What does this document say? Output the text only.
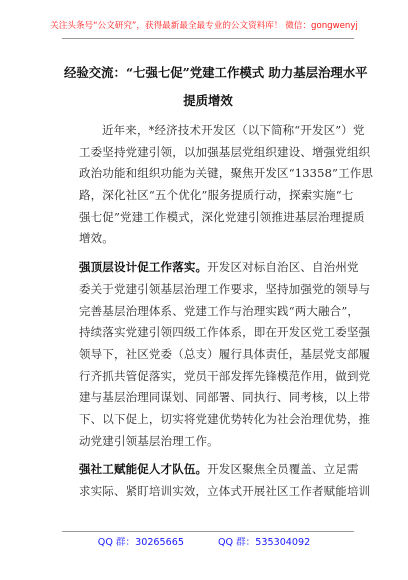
关注头条号“公文研究”，获得最新最全最专业的公文资料库！ 微信：gongwenyj
经验交流：“七强七促”党建工作模式 助力基层治理水平
提质增效
近年来，*经济技术开发区（以下简称“开发区”）党
工委坚持党建引领，以加强基层党组织建设、增强党组织
政治功能和组织功能为关键，聚焦开发区“13358”工作思
路，深化社区“五个优化”服务提质行动，探索实施“七
强七促”党建工作模式，深化党建引领推进基层治理提质
增效。
强顶层设计促工作落实。开发区对标自治区、自治州党
委关于党建引领基层治理工作要求，坚持加强党的领导与
完善基层治理体系、党建工作与治理实践“两大融合”，
持续落实党建引领四级工作体系，即在开发区党工委坚强
领导下，社区党委（总支）履行具体责任，基层党支部履
行齐抓共管促落实，党员干部发挥先锋模范作用，做到党
建与基层治理同谋划、同部署、同执行、同考核，以上带
下、以下促上，切实将党建优势转化为社会治理优势，推
动党建引领基层治理工作。
强社工赋能促人才队伍。开发区聚焦全员覆盖、立足需
求实际、紧盯培训实效，立体式开展社区工作者赋能培训
QQ 群：30265665	QQ 群：535304092
